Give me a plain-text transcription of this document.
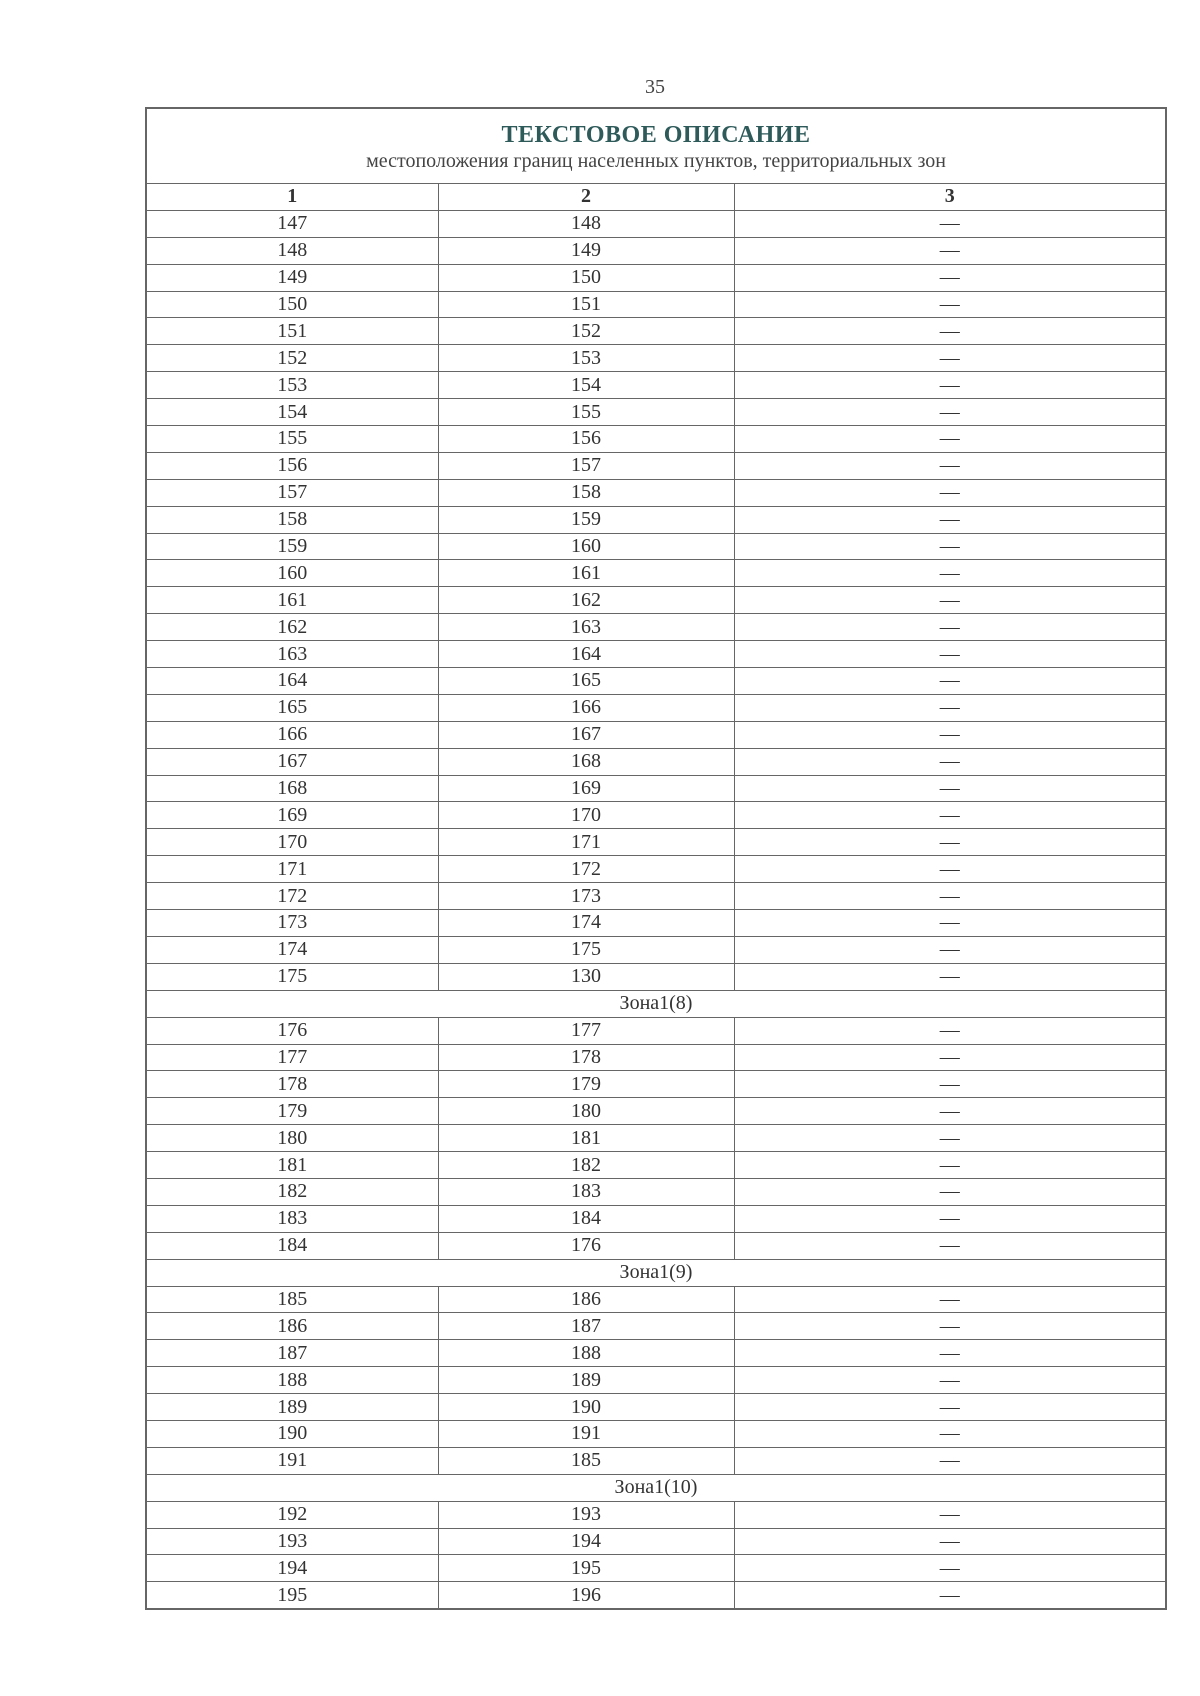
35
ТЕКСТОВОЕ ОПИСАНИЕ
местоположения границ населенных пунктов, территориальных зон		

1	2	3
147	148	—
148	149	—
149	150	—
150	151	—
151	152	—
152	153	—
153	154	—
154	155	—
155	156	—
156	157	—
157	158	—
158	159	—
159	160	—
160	161	—
161	162	—
162	163	—
163	164	—
164	165	—
165	166	—
166	167	—
167	168	—
168	169	—
169	170	—
170	171	—
171	172	—
172	173	—
173	174	—
174	175	—
175	130	—
Зона1(8)		
176	177	—
177	178	—
178	179	—
179	180	—
180	181	—
181	182	—
182	183	—
183	184	—
184	176	—
Зона1(9)		
185	186	—
186	187	—
187	188	—
188	189	—
189	190	—
190	191	—
191	185	—
Зона1(10)		
192	193	—
193	194	—
194	195	—
195	196	—
